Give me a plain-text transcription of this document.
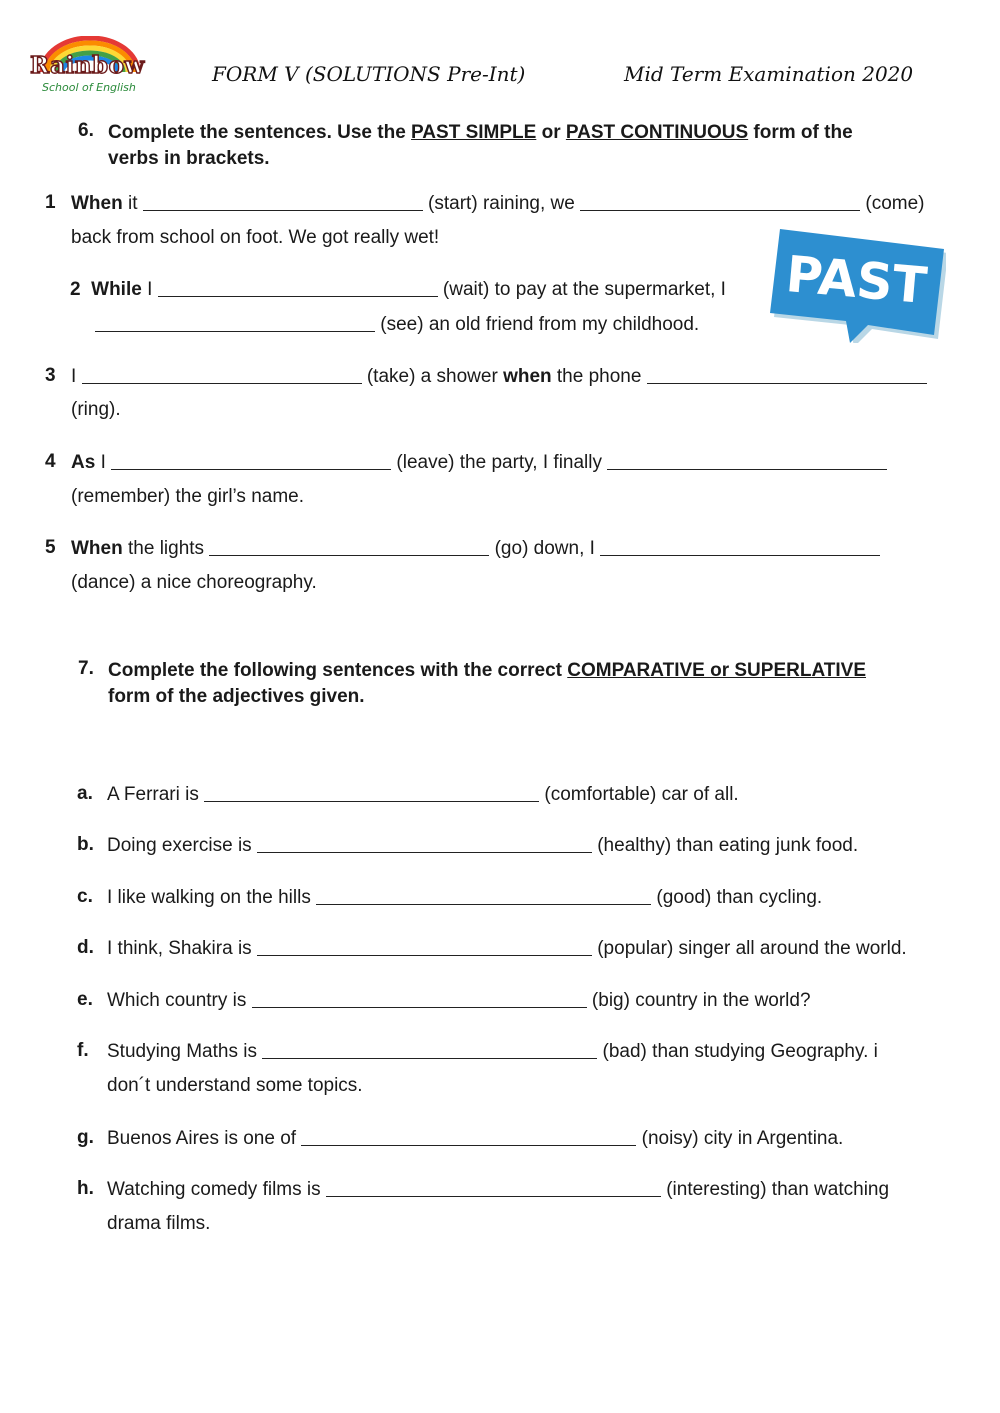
Rainbow
School of English
FORM V (SOLUTIONS Pre-Int)	Mid Term Examination 2020
6. Complete the sentences. Use the PAST SIMPLE or PAST CONTINUOUS form of the
verbs in brackets.
PAST
1 When it	(start) raining, we	(come)
back from school on foot. We got really wet!
2 While I	(wait) to pay at the supermarket, I
(see) an old friend from my childhood.
3 I	(take) a shower when the phone
(ring).
4 As I	(leave) the party, I finally
(remember) the girl’s name.
5 When the lights	(go) down, I
(dance) a nice choreography.
7. Complete the following sentences with the correct COMPARATIVE or SUPERLATIVE
form of the adjectives given.
a. A Ferrari is	(comfortable) car of all.
b. Doing exercise is	(healthy) than eating junk food.
c. I like walking on the hills	(good) than cycling.
d. I think, Shakira is	(popular) singer all around the world.
e. Which country is	(big) country in the world?
f. Studying Maths is	(bad) than studying Geography. i
don´t understand some topics.
g. Buenos Aires is one of	(noisy) city in Argentina.
h. Watching comedy films is	(interesting) than watching
drama films.
